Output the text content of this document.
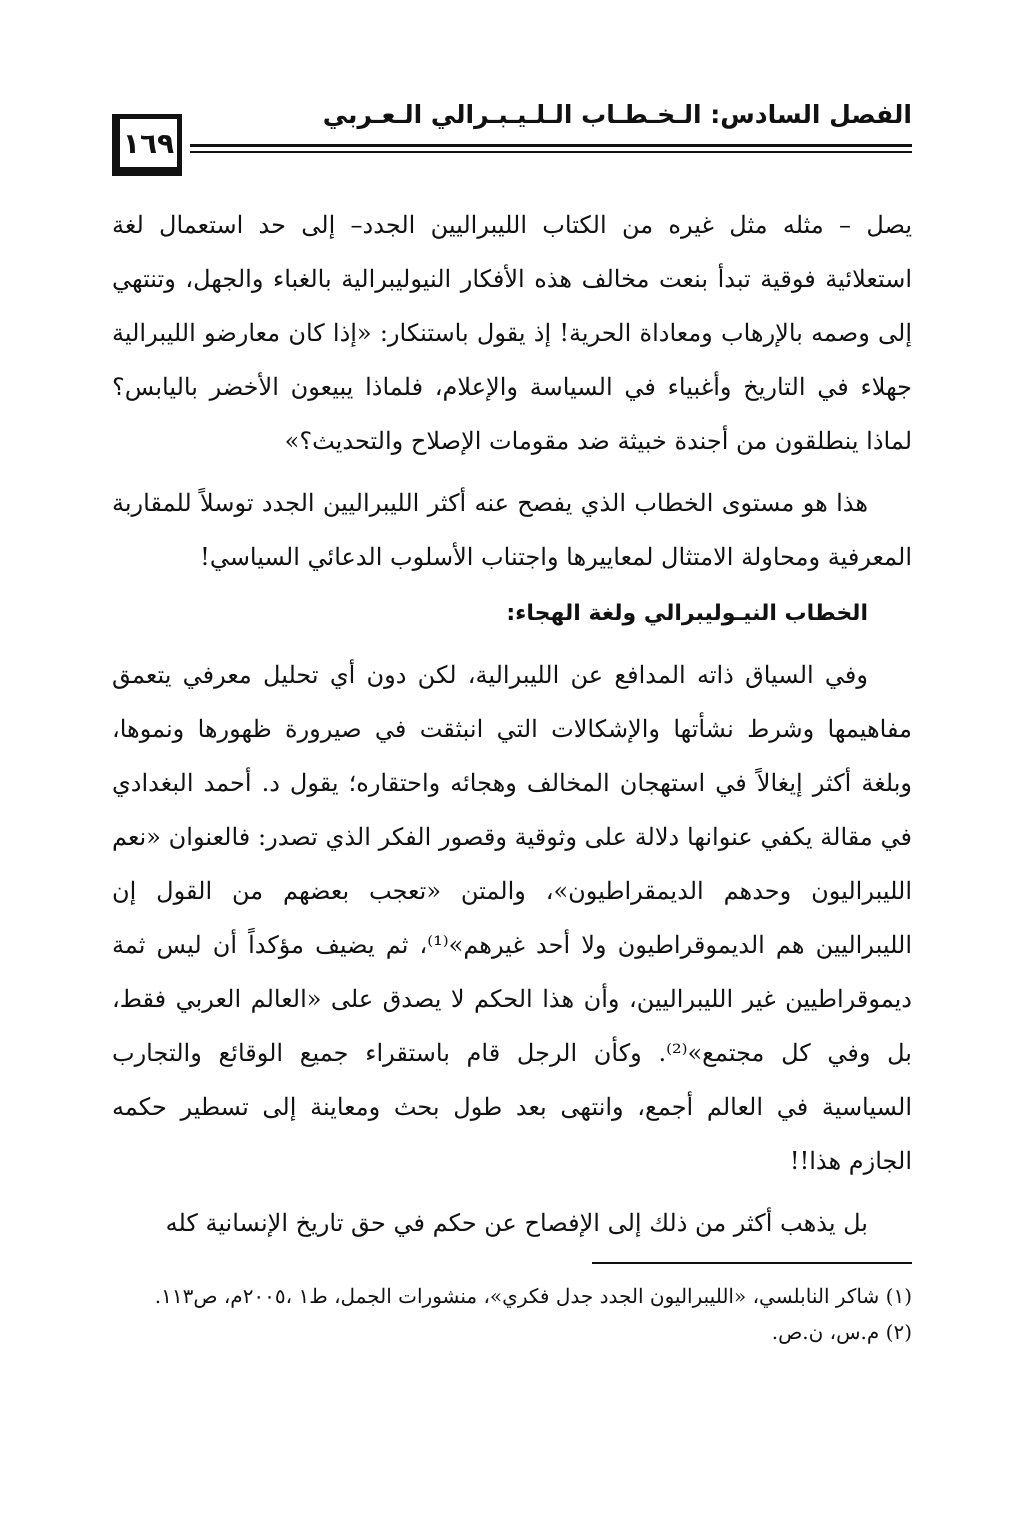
الفصل السادس: الـخـطـاب الـلـيـبـرالي الـعـربي
١٦٩

يصل – مثله مثل غيره من الكتاب الليبراليين الجدد– إلى حد استعمال لغة استعلائية فوقية تبدأ بنعت مخالف هذه الأفكار النيوليبرالية بالغباء والجهل، وتنتهي إلى وصمه بالإرهاب ومعاداة الحرية! إذ يقول باستنكار: «إذا كان معارضو الليبرالية جهلاء في التاريخ وأغبياء في السياسة والإعلام، فلماذا يبيعون الأخضر باليابس؟ لماذا ينطلقون من أجندة خبيثة ضد مقومات الإصلاح والتحديث؟»

هذا هو مستوى الخطاب الذي يفصح عنه أكثر الليبراليين الجدد توسلاً للمقاربة المعرفية ومحاولة الامتثال لمعاييرها واجتناب الأسلوب الدعائي السياسي!

الخطاب النيـوليبرالي ولغة الهجاء:

وفي السياق ذاته المدافع عن الليبرالية، لكن دون أي تحليل معرفي يتعمق مفاهيمها وشرط نشأتها والإشكالات التي انبثقت في صيرورة ظهورها ونموها، وبلغة أكثر إيغالاً في استهجان المخالف وهجائه واحتقاره؛ يقول د. أحمد البغدادي في مقالة يكفي عنوانها دلالة على وثوقية وقصور الفكر الذي تصدر: فالعنوان «نعم الليبراليون وحدهم الديمقراطيون»، والمتن «تعجب بعضهم من القول إن الليبراليين هم الديموقراطيون ولا أحد غيرهم»⁽¹⁾، ثم يضيف مؤكداً أن ليس ثمة ديموقراطيين غير الليبراليين، وأن هذا الحكم لا يصدق على «العالم العربي فقط، بل وفي كل مجتمع»⁽²⁾. وكأن الرجل قام باستقراء جميع الوقائع والتجارب السياسية في العالم أجمع، وانتهى بعد طول بحث ومعاينة إلى تسطير حكمه الجازم هذا!!

بل يذهب أكثر من ذلك إلى الإفصاح عن حكم في حق تاريخ الإنسانية كله

(١) شاكر النابلسي، «الليبراليون الجدد جدل فكري»، منشورات الجمل، ط١ ،٢٠٠٥م، ص١١٣.

(٢) م.س، ن.ص.
